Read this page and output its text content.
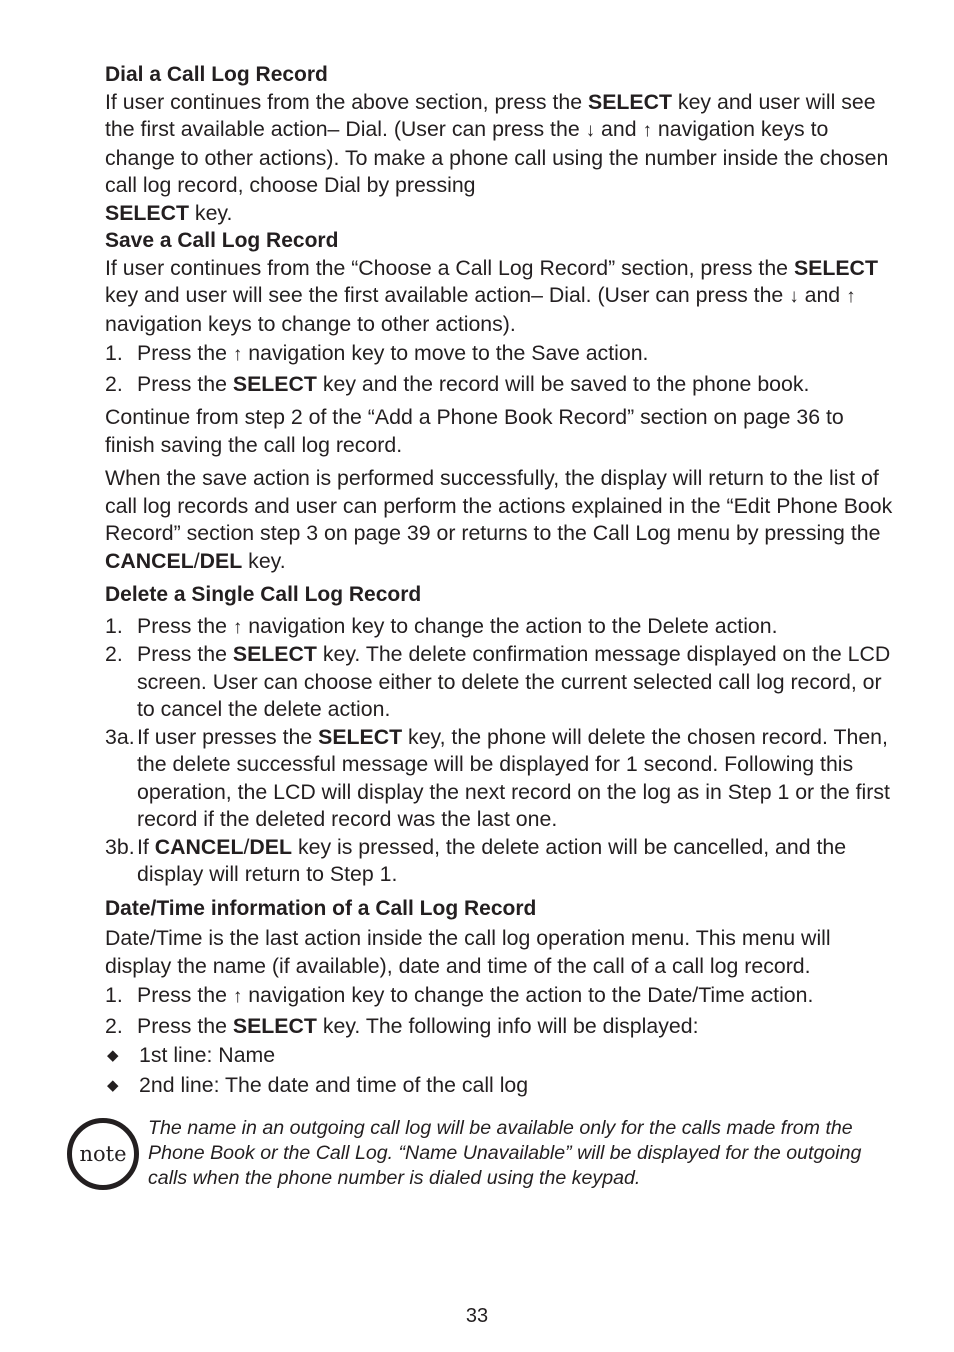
Dial a Call Log Record

If user continues from the above section, press the SELECT key and user will see the first available action– Dial. (User can press the ↓ and ↑ navigation keys to change to other actions). To make a phone call using the number inside the chosen call log record, choose Dial by pressing
SELECT key.

Save a Call Log Record

If user continues from the “Choose a Call Log Record” section, press the SELECT key and user will see the first available action– Dial. (User can press the ↓ and ↑ navigation keys to change to other actions).

1. Press the ↑ navigation key to move to the Save action.
2. Press the SELECT key and the record will be saved to the phone book.

Continue from step 2 of the “Add a Phone Book Record” section on page 36 to finish saving the call log record.

When the save action is performed successfully, the display will return to the list of call log records and user can perform the actions explained in the “Edit Phone Book Record” section step 3 on page 39 or returns to the Call Log menu by pressing the CANCEL/DEL key.

Delete a Single Call Log Record

1. Press the ↑ navigation key to change the action to the Delete action.
2. Press the SELECT key. The delete confirmation message displayed on the LCD screen. User can choose either to delete the current selected call log record, or to cancel the delete action.
3a. If user presses the SELECT key, the phone will delete the chosen record. Then, the delete successful message will be displayed for 1 second. Following this operation, the LCD will display the next record on the log as in Step 1 or the first record if the deleted record was the last one.
3b. If CANCEL/DEL key is pressed, the delete action will be cancelled, and the display will return to Step 1.

Date/Time information of a Call Log Record

Date/Time is the last action inside the call log operation menu. This menu will display the name (if available), date and time of the call of a call log record.

1. Press the ↑ navigation key to change the action to the Date/Time action.
2. Press the SELECT key. The following info will be displayed:
◆ 1st line: Name
◆ 2nd line: The date and time of the call log
note
The name in an outgoing call log will be available only for the calls made from the Phone Book or the Call Log. “Name Unavailable” will be displayed for the outgoing calls when the phone number is dialed using the keypad.
33
